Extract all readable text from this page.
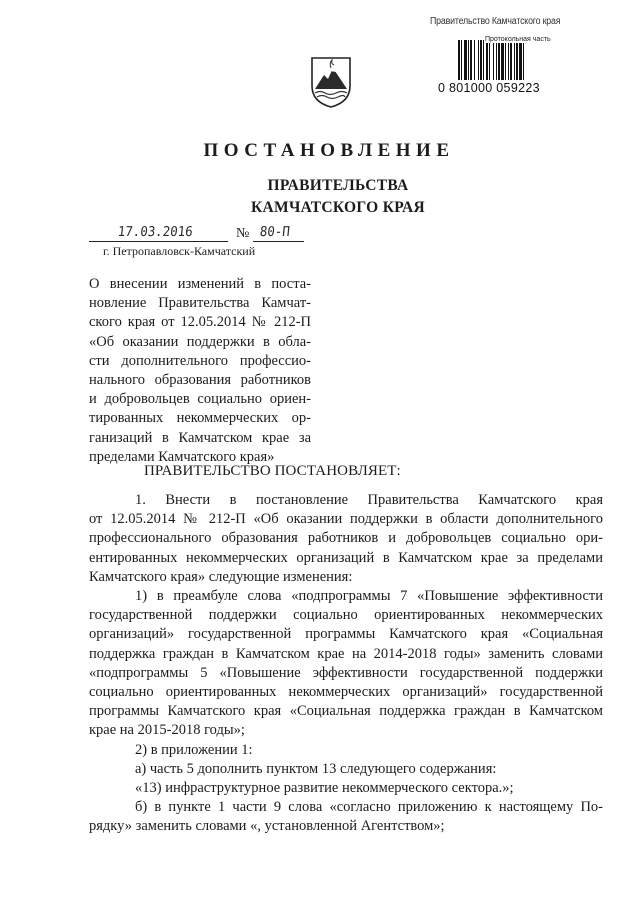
Правительство Камчатского края
Протокольная часть
0 801000 059223
ПОСТАНОВЛЕНИЕ
ПРАВИТЕЛЬСТВА
КАМЧАТСКОГО КРАЯ
17.03.2016	№ 80-П
г. Петропавловск-Камчатский
О внесении изменений в поста-
новление Правительства Камчат-
ского края от 12.05.2014 № 212-П
«Об оказании поддержки в обла-
сти дополнительного профессио-
нального образования работников
и добровольцев социально ориен-
тированных некоммерческих ор-
ганизаций в Камчатском крае за
пределами Камчатского края»
ПРАВИТЕЛЬСТВО ПОСТАНОВЛЯЕТ:
1. Внести в постановление Правительства Камчатского края
от 12.05.2014 № 212-П «Об оказании поддержки в области дополнительного
профессионального образования работников и добровольцев социально ори-
ентированных некоммерческих организаций в Камчатском крае за пределами
Камчатского края» следующие изменения:
1) в преамбуле слова «подпрограммы 7 «Повышение эффективности
государственной поддержки социально ориентированных некоммерческих
организаций» государственной программы Камчатского края «Социальная
поддержка граждан в Камчатском крае на 2014-2018 годы» заменить словами
«подпрограммы 5 «Повышение эффективности государственной поддержки
социально ориентированных некоммерческих организаций» государственной
программы Камчатского края «Социальная поддержка граждан в Камчатском
крае на 2015-2018 годы»;
2) в приложении 1:
а) часть 5 дополнить пунктом 13 следующего содержания:
«13) инфраструктурное развитие некоммерческого сектора.»;
б) в пункте 1 части 9 слова «согласно приложению к настоящему По-
рядку» заменить словами «, установленной Агентством»;
